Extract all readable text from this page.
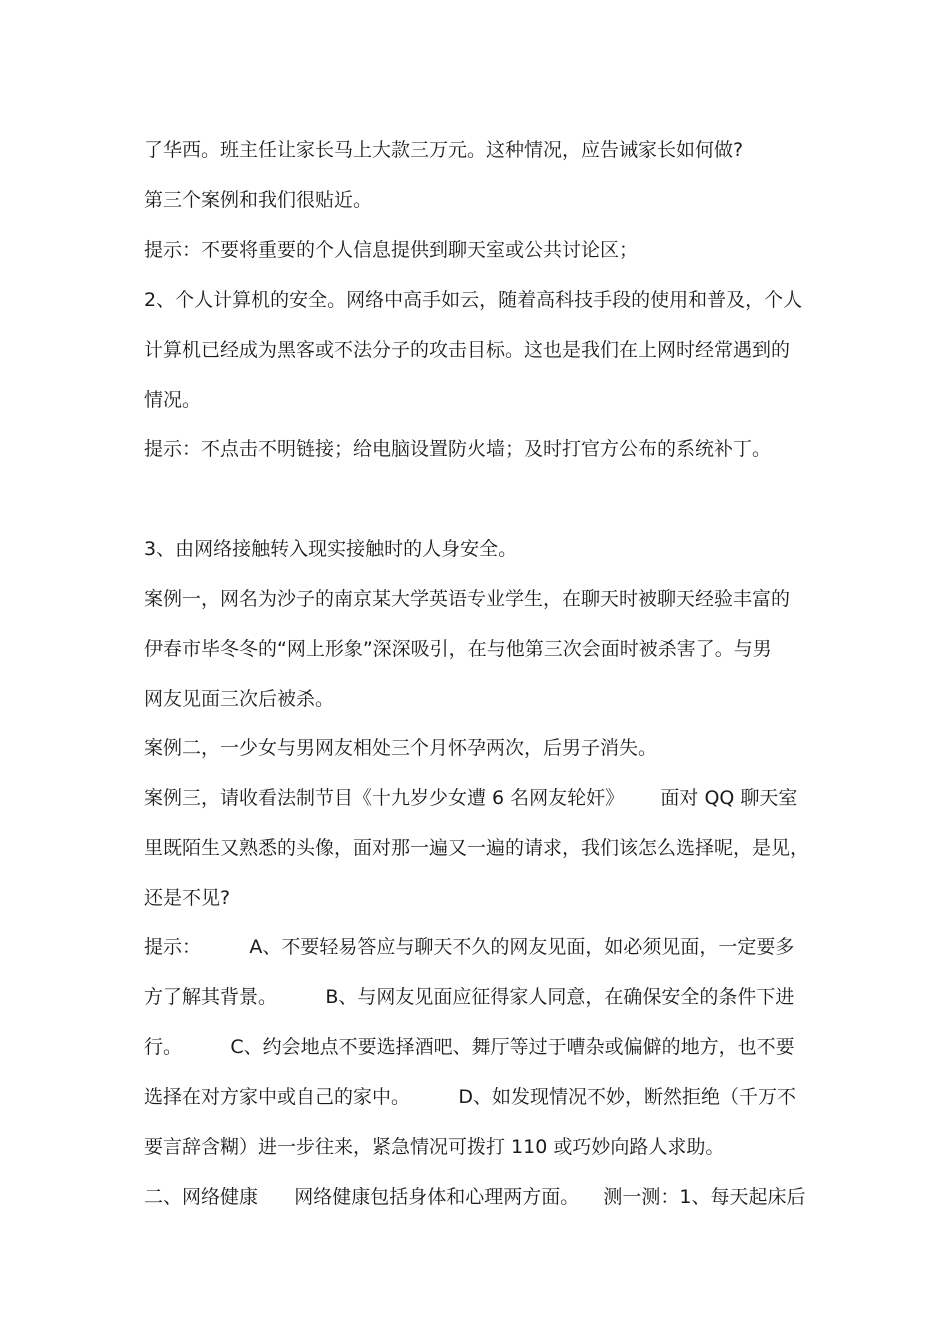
了华西。班主任让家长马上大款三万元。这种情况，应告诫家长如何做?
第三个案例和我们很贴近。
提示：不要将重要的个人信息提供到聊天室或公共讨论区；
2、个人计算机的安全。网络中高手如云，随着高科技手段的使用和普及，个人
计算机已经成为黑客或不法分子的攻击目标。这也是我们在上网时经常遇到的
情况。
提示：不点击不明链接；给电脑设置防火墙；及时打官方公布的系统补丁。
3、由网络接触转入现实接触时的人身安全。
案例一，网名为沙子的南京某大学英语专业学生，在聊天时被聊天经验丰富的
伊春市毕冬冬的“网上形象”深深吸引，在与他第三次会面时被杀害了。与男
网友见面三次后被杀。
案例二，一少女与男网友相处三个月怀孕两次，后男子消失。
案例三，请收看法制节目《十九岁少女遭 6 名网友轮奸》      面对 QQ 聊天室
里既陌生又熟悉的头像，面对那一遍又一遍的请求，我们该怎么选择呢，是见，
还是不见?
提示：        A、不要轻易答应与聊天不久的网友见面，如必须见面，一定要多
方了解其背景。        B、与网友见面应征得家人同意，在确保安全的条件下进
行。        C、约会地点不要选择酒吧、舞厅等过于嘈杂或偏僻的地方，也不要
选择在对方家中或自己的家中。        D、如发现情况不妙，断然拒绝（千万不
要言辞含糊）进一步往来，紧急情况可拨打 110 或巧妙向路人求助。
二、网络健康      网络健康包括身体和心理两方面。    测一测：1、每天起床后
